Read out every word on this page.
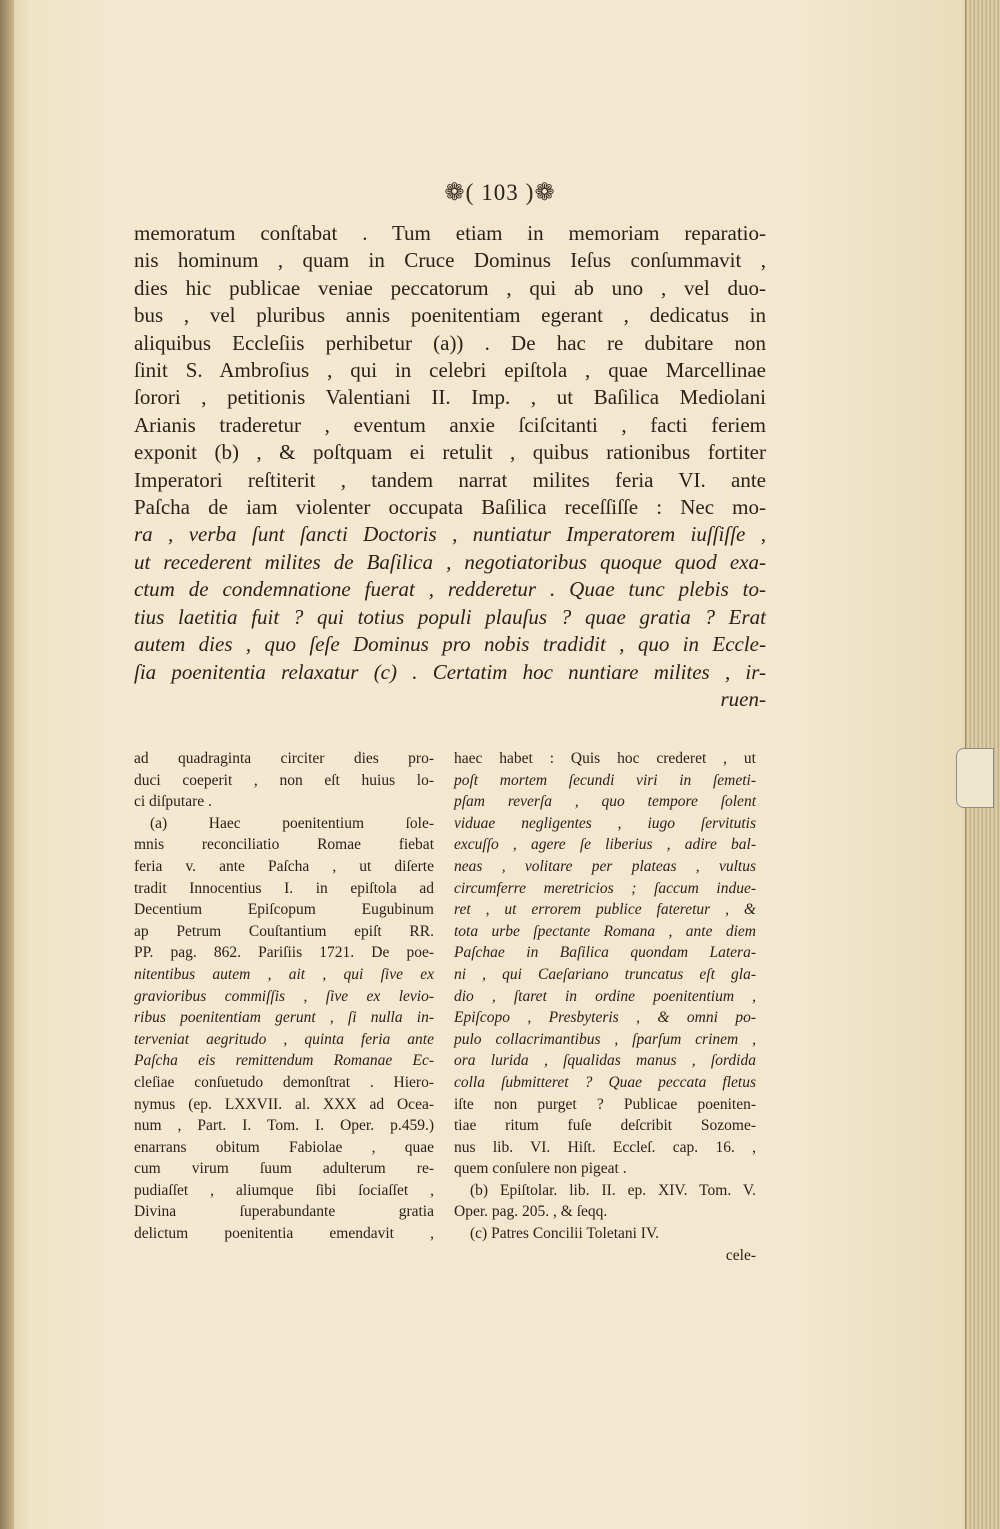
❁( 103 )❁
memoratum conſtabat . Tum etiam in memoriam reparatio-
nis hominum , quam in Cruce Dominus Ieſus conſummavit ,
dies hic publicae veniae peccatorum , qui ab uno , vel duo-
bus , vel pluribus annis poenitentiam egerant , dedicatus in
aliquibus Eccleſiis perhibetur (a)) . De hac re dubitare non
ſinit S. Ambroſius , qui in celebri epiſtola , quae Marcellinae
ſorori , petitionis Valentiani II. Imp. , ut Baſilica Mediolani
Arianis traderetur , eventum anxie ſciſcitanti , facti feriem
exponit (b) , & poſtquam ei retulit , quibus rationibus fortiter
Imperatori reſtiterit , tandem narrat milites feria VI. ante
Paſcha de iam violenter occupata Baſilica receſſiſſe : Nec mo-
ra , verba ſunt ſancti Doctoris , nuntiatur Imperatorem iuſſiſſe ,
ut recederent milites de Baſilica , negotiatoribus quoque quod exa-
ctum de condemnatione fuerat , redderetur . Quae tunc plebis to-
tius laetitia fuit ? qui totius populi plauſus ? quae gratia ? Erat
autem dies , quo ſeſe Dominus pro nobis tradidit , quo in Eccle-
ſia poenitentia relaxatur (c) . Certatim hoc nuntiare milites , ir-
ruen-
ad quadraginta circiter dies pro-
duci coeperit , non eſt huius lo-
ci diſputare .
(a) Haec poenitentium ſole-
mnis reconciliatio Romae fiebat
feria v. ante Paſcha , ut diſerte
tradit Innocentius I. in epiſtola ad
Decentium Epiſcopum Eugubinum
ap Petrum Couſtantium epiſt RR.
PP. pag. 862. Pariſiis 1721. De poe-
nitentibus autem , ait , qui ſive ex
gravioribus commiſſis , ſive ex levio-
ribus poenitentiam gerunt , ſi nulla in-
terveniat aegritudo , quinta feria ante
Paſcha eis remittendum Romanae Ec-
cleſiae conſuetudo demonſtrat . Hiero-
nymus (ep. LXXVII. al. XXX ad Ocea-
num , Part. I. Tom. I. Oper. p.459.)
enarrans obitum Fabiolae , quae
cum virum ſuum adulterum re-
pudiaſſet , aliumque ſibi ſociaſſet ,
Divina ſuperabundante gratia
delictum poenitentia emendavit ,
haec habet : Quis hoc crederet , ut
poſt mortem ſecundi viri in ſemeti-
pſam reverſa , quo tempore ſolent
viduae negligentes , iugo ſervitutis
excuſſo , agere ſe liberius , adire bal-
neas , volitare per plateas , vultus
circumferre meretricios ; ſaccum indue-
ret , ut errorem publice fateretur , &
tota urbe ſpectante Romana , ante diem
Paſchae in Baſilica quondam Latera-
ni , qui Caeſariano truncatus eſt gla-
dio , ſtaret in ordine poenitentium ,
Epiſcopo , Presbyteris , & omni po-
pulo collacrimantibus , ſparſum crinem ,
ora lurida , ſqualidas manus , ſordida
colla ſubmitteret ? Quae peccata fletus
iſte non purget ? Publicae poeniten-
tiae ritum fuſe deſcribit Sozome-
nus lib. VI. Hiſt. Eccleſ. cap. 16. ,
quem conſulere non pigeat .
(b) Epiſtolar. lib. II. ep. XIV. Tom. V.
Oper. pag. 205. , & ſeqq.
(c) Patres Concilii Toletani IV.
cele-
